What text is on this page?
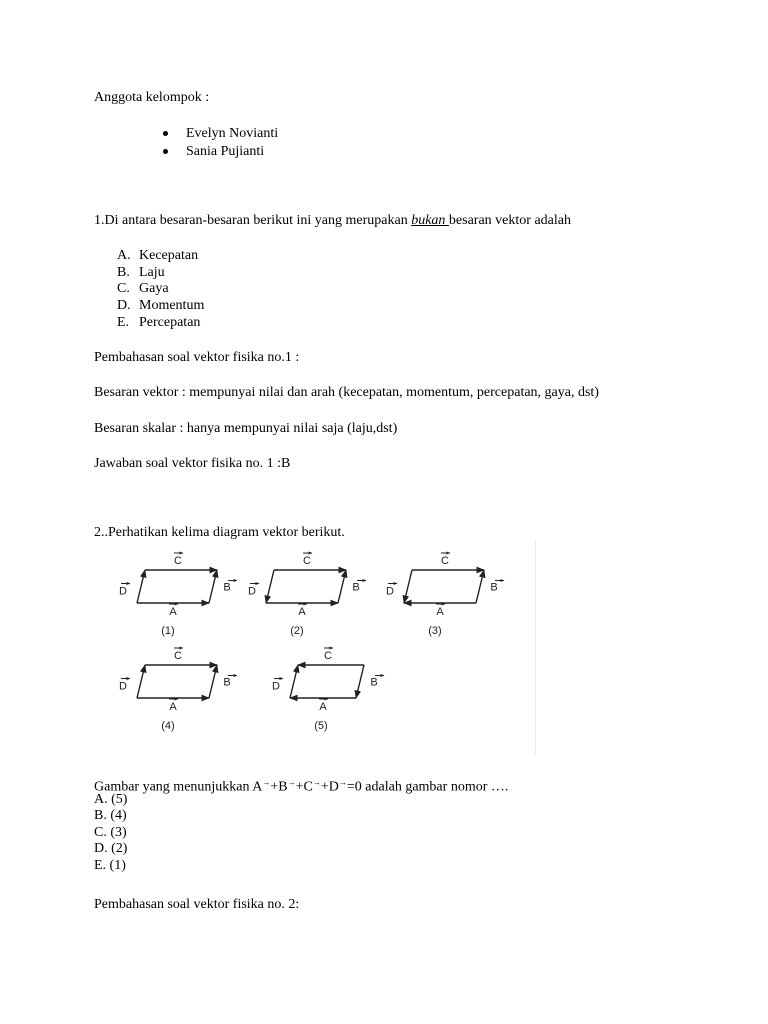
Anggota kelompok :
Evelyn Novianti
Sania Pujianti
1.Di antara besaran-besaran berikut ini yang merupakan bukan besaran vektor adalah
A. Kecepatan
B. Laju
C. Gaya
D. Momentum
E. Percepatan
Pembahasan soal vektor fisika no.1 :
Besaran vektor : mempunyai nilai dan arah (kecepatan, momentum, percepatan, gaya, dst)
Besaran skalar : hanya mempunyai nilai saja (laju,dst)
Jawaban soal vektor fisika no. 1 :B
2..Perhatikan kelima diagram vektor berikut.
C
A
B
D
(1)
C
A
B
D
(2)
C
A
B
D
(3)
C
A
B
D
(4)
C
A
B
D
(5)
Gambar yang menunjukkan A→+B→+C→+D→=0 adalah gambar nomor ….
A. (5)
B. (4)
C. (3)
D. (2)
E. (1)
Pembahasan soal vektor fisika no. 2:
